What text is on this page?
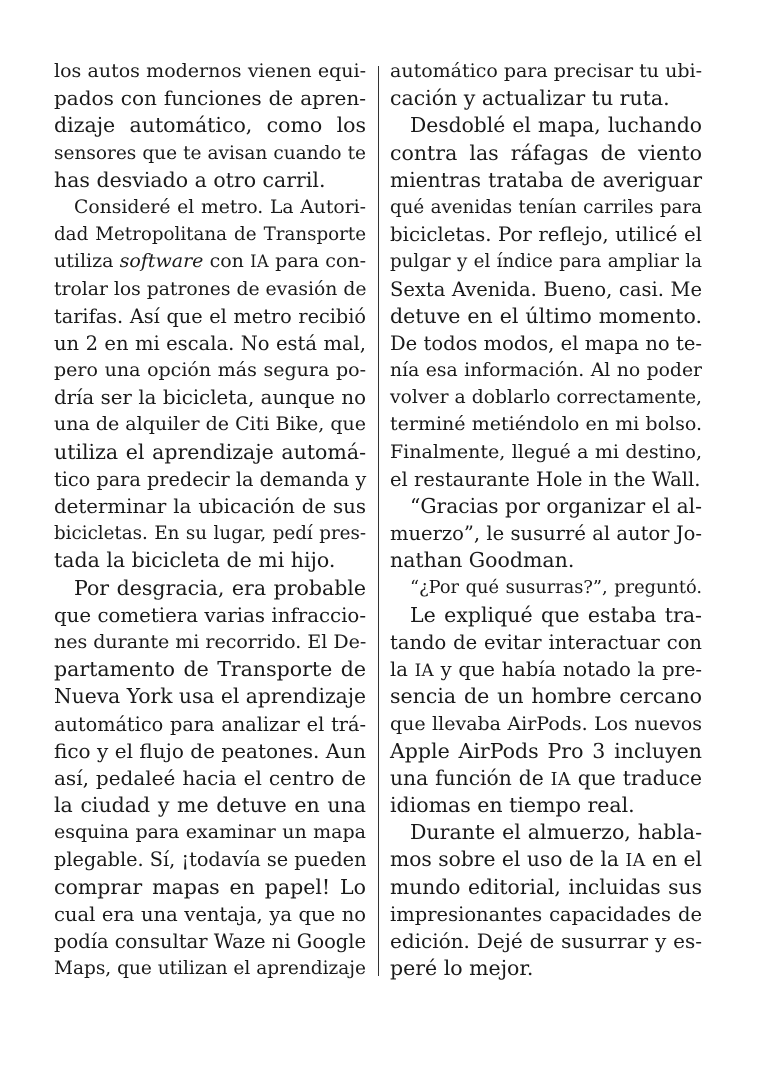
los autos modernos vienen equi-
pados con funciones de apren-
dizaje automático, como los
sensores que te avisan cuando te
has desviado a otro carril.
Consideré el metro. La Autori-
dad Metropolitana de Transporte
utiliza software con IA para con-
trolar los patrones de evasión de
tarifas. Así que el metro recibió
un 2 en mi escala. No está mal,
pero una opción más segura po-
dría ser la bicicleta, aunque no
una de alquiler de Citi Bike, que
utiliza el aprendizaje automá-
tico para predecir la demanda y
determinar la ubicación de sus
bicicletas. En su lugar, pedí pres-
tada la bicicleta de mi hijo.
Por desgracia, era probable
que cometiera varias infraccio-
nes durante mi recorrido. El De-
partamento de Transporte de
Nueva York usa el aprendizaje
automático para analizar el trá-
fico y el flujo de peatones. Aun
así, pedaleé hacia el centro de
la ciudad y me detuve en una
esquina para examinar un mapa
plegable. Sí, ¡todavía se pueden
comprar mapas en papel! Lo
cual era una ventaja, ya que no
podía consultar Waze ni Google
Maps, que utilizan el aprendizaje
automático para precisar tu ubi-
cación y actualizar tu ruta.
Desdoblé el mapa, luchando
contra las ráfagas de viento
mientras trataba de averiguar
qué avenidas tenían carriles para
bicicletas. Por reflejo, utilicé el
pulgar y el índice para ampliar la
Sexta Avenida. Bueno, casi. Me
detuve en el último momento.
De todos modos, el mapa no te-
nía esa información. Al no poder
volver a doblarlo correctamente,
terminé metiéndolo en mi bolso.
Finalmente, llegué a mi destino,
el restaurante Hole in the Wall.
“Gracias por organizar el al-
muerzo”, le susurré al autor Jo-
nathan Goodman.
“¿Por qué susurras?”, preguntó.
Le expliqué que estaba tra-
tando de evitar interactuar con
la IA y que había notado la pre-
sencia de un hombre cercano
que llevaba AirPods. Los nuevos
Apple AirPods Pro 3 incluyen
una función de IA que traduce
idiomas en tiempo real.
Durante el almuerzo, habla-
mos sobre el uso de la IA en el
mundo editorial, incluidas sus
impresionantes capacidades de
edición. Dejé de susurrar y es-
peré lo mejor.
